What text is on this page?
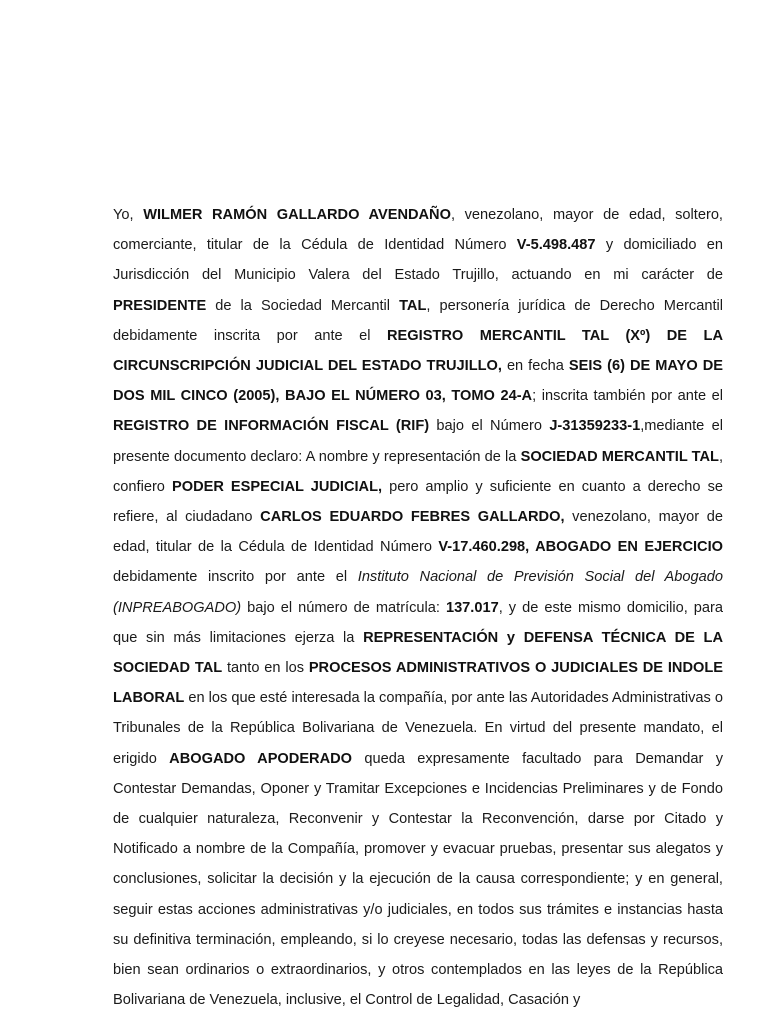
Yo, WILMER RAMÓN GALLARDO AVENDAÑO, venezolano, mayor de edad, soltero, comerciante, titular de la Cédula de Identidad Número V-5.498.487 y domiciliado en Jurisdicción del Municipio Valera del Estado Trujillo, actuando en mi carácter de PRESIDENTE de la Sociedad Mercantil TAL, personería jurídica de Derecho Mercantil debidamente inscrita por ante el REGISTRO MERCANTIL TAL (Xº) DE LA CIRCUNSCRIPCIÓN JUDICIAL DEL ESTADO TRUJILLO, en fecha SEIS (6) DE MAYO DE DOS MIL CINCO (2005), BAJO EL NÚMERO 03, TOMO 24-A; inscrita también por ante el REGISTRO DE INFORMACIÓN FISCAL (RIF) bajo el Número J-31359233-1,mediante el presente documento declaro: A nombre y representación de la SOCIEDAD MERCANTIL TAL, confiero PODER ESPECIAL JUDICIAL, pero amplio y suficiente en cuanto a derecho se refiere, al ciudadano CARLOS EDUARDO FEBRES GALLARDO, venezolano, mayor de edad, titular de la Cédula de Identidad Número V-17.460.298, ABOGADO EN EJERCICIO debidamente inscrito por ante el Instituto Nacional de Previsión Social del Abogado (INPREABOGADO) bajo el número de matrícula: 137.017, y de este mismo domicilio, para que sin más limitaciones ejerza la REPRESENTACIÓN y DEFENSA TÉCNICA DE LA SOCIEDAD TAL tanto en los PROCESOS ADMINISTRATIVOS O JUDICIALES DE INDOLE LABORAL en los que esté interesada la compañía, por ante las Autoridades Administrativas o Tribunales de la República Bolivariana de Venezuela. En virtud del presente mandato, el erigido ABOGADO APODERADO queda expresamente facultado para Demandar y Contestar Demandas, Oponer y Tramitar Excepciones e Incidencias Preliminares y de Fondo de cualquier naturaleza, Reconvenir y Contestar la Reconvención, darse por Citado y Notificado a nombre de la Compañía, promover y evacuar pruebas, presentar sus alegatos y conclusiones, solicitar la decisión y la ejecución de la causa correspondiente; y en general, seguir estas acciones administrativas y/o judiciales, en todos sus trámites e instancias hasta su definitiva terminación, empleando, si lo creyese necesario, todas las defensas y recursos, bien sean ordinarios o extraordinarios, y otros contemplados en las leyes de la República Bolivariana de Venezuela, inclusive, el Control de Legalidad, Casación y
